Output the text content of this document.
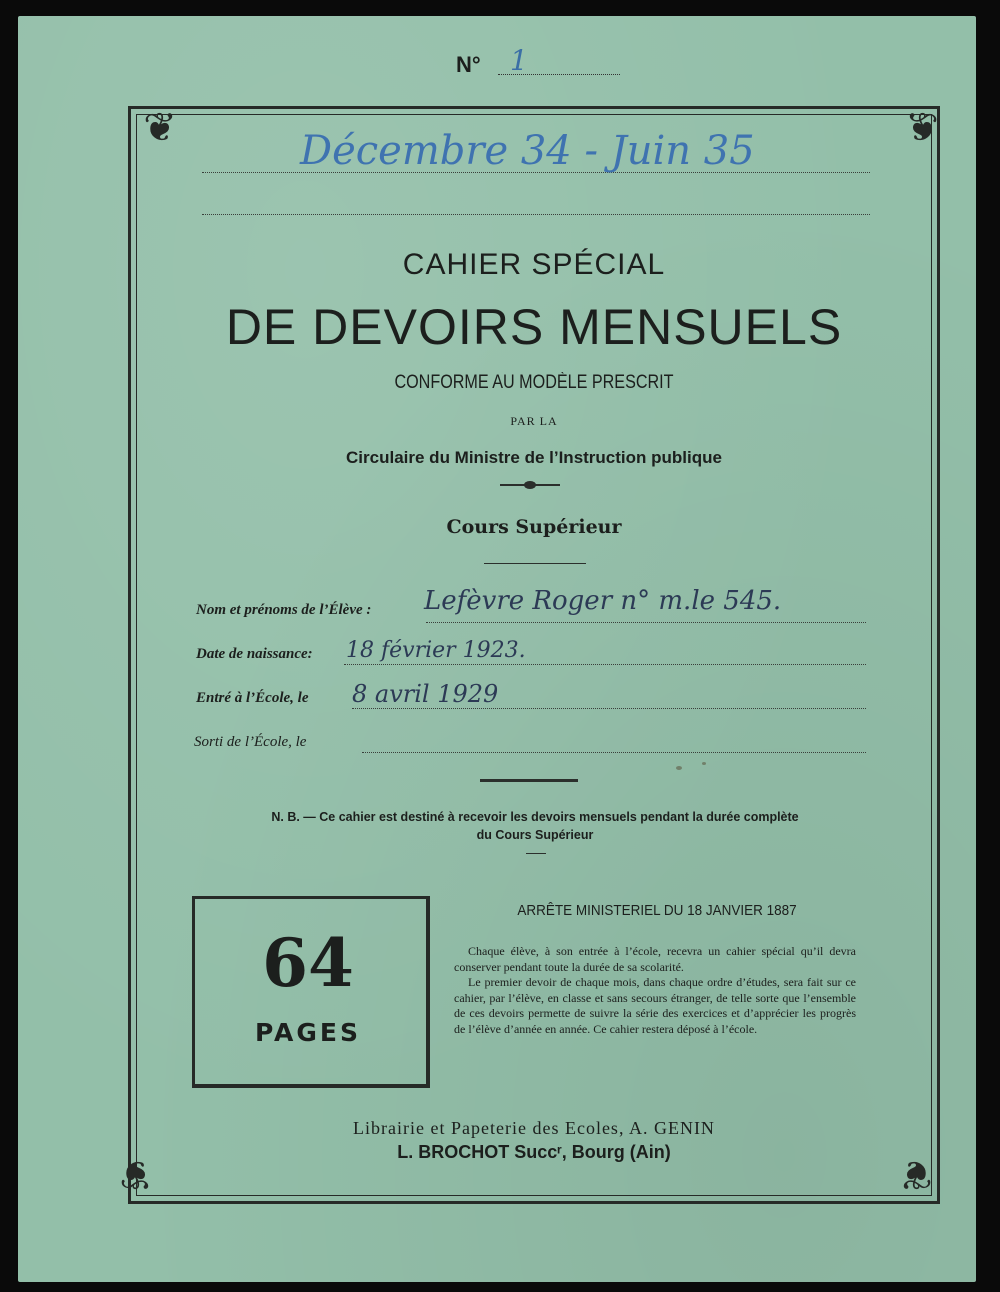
N° 1
❦	❦
❦	❦
Décembre 34 - Juin 35
CAHIER SPÉCIAL
DE DEVOIRS MENSUELS
CONFORME AU MODÈLE PRESCRIT
PAR LA
Circulaire du Ministre de l’Instruction publique
Cours Supérieur
Nom et prénoms de l’Élève : Lefèvre Roger n° m.le 545.
Date de naissance: 18 février 1923.
Entré à l’École, le 8 avril 1929
Sorti de l’École, le
N. B. — Ce cahier est destiné à recevoir les devoirs mensuels pendant la durée complète
du Cours Supérieur
64
PAGES
ARRÊTE MINISTERIEL DU 18 JANVIER 1887

Chaque élève, à son entrée à l’école, recevra un cahier spécial qu’il devra conserver pendant toute la durée de sa scolarité.

Le premier devoir de chaque mois, dans chaque ordre d’études, sera fait sur ce cahier, par l’élève, en classe et sans secours étranger, de telle sorte que l’ensemble de ces devoirs permette de suivre la série des exercices et d’apprécier les progrès de l’élève d’année en année. Ce cahier restera déposé à l’école.

Librairie et Papeterie des Ecoles, A. GENIN
L. BROCHOT Succʳ, Bourg (Ain)
